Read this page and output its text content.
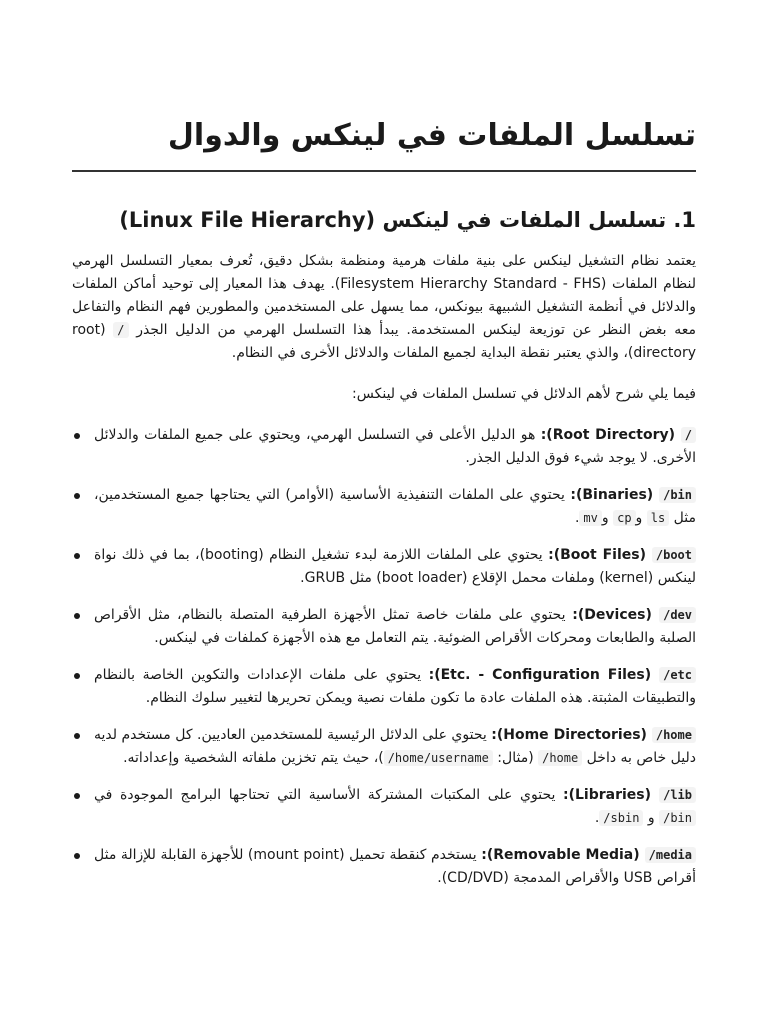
تسلسل الملفات في لينكس والدوال
1. تسلسل الملفات في لينكس (Linux File Hierarchy)

يعتمد نظام التشغيل لينكس على بنية ملفات هرمية ومنظمة بشكل دقيق، تُعرف بمعيار التسلسل الهرمي لنظام الملفات (Filesystem Hierarchy Standard - FHS). يهدف هذا المعيار إلى توحيد أماكن الملفات والدلائل في أنظمة التشغيل الشبيهة بيونكس، مما يسهل على المستخدمين والمطورين فهم النظام والتفاعل معه بغض النظر عن توزيعة لينكس المستخدمة. يبدأ هذا التسلسل الهرمي من الدليل الجذر / (root directory)، والذي يعتبر نقطة البداية لجميع الملفات والدلائل الأخرى في النظام.

فيما يلي شرح لأهم الدلائل في تسلسل الملفات في لينكس:

/ (Root Directory): هو الدليل الأعلى في التسلسل الهرمي، ويحتوي على جميع الملفات والدلائل الأخرى. لا يوجد شيء فوق الدليل الجذر.
/bin (Binaries): يحتوي على الملفات التنفيذية الأساسية (الأوامر) التي يحتاجها جميع المستخدمين، مثل ls وcp وmv.
/boot (Boot Files): يحتوي على الملفات اللازمة لبدء تشغيل النظام (booting)، بما في ذلك نواة لينكس (kernel) وملفات محمل الإقلاع (boot loader) مثل GRUB.
/dev (Devices): يحتوي على ملفات خاصة تمثل الأجهزة الطرفية المتصلة بالنظام، مثل الأقراص الصلبة والطابعات ومحركات الأقراص الضوئية. يتم التعامل مع هذه الأجهزة كملفات في لينكس.
/etc (Etc. - Configuration Files): يحتوي على ملفات الإعدادات والتكوين الخاصة بالنظام والتطبيقات المثبتة. هذه الملفات عادة ما تكون ملفات نصية ويمكن تحريرها لتغيير سلوك النظام.
/home (Home Directories): يحتوي على الدلائل الرئيسية للمستخدمين العاديين. كل مستخدم لديه دليل خاص به داخل /home (مثال: /home/username)، حيث يتم تخزين ملفاته الشخصية وإعداداته.
/lib (Libraries): يحتوي على المكتبات المشتركة الأساسية التي تحتاجها البرامج الموجودة في /bin و /sbin.
/media (Removable Media): يستخدم كنقطة تحميل (mount point) للأجهزة القابلة للإزالة مثل أقراص USB والأقراص المدمجة (CD/DVD).
